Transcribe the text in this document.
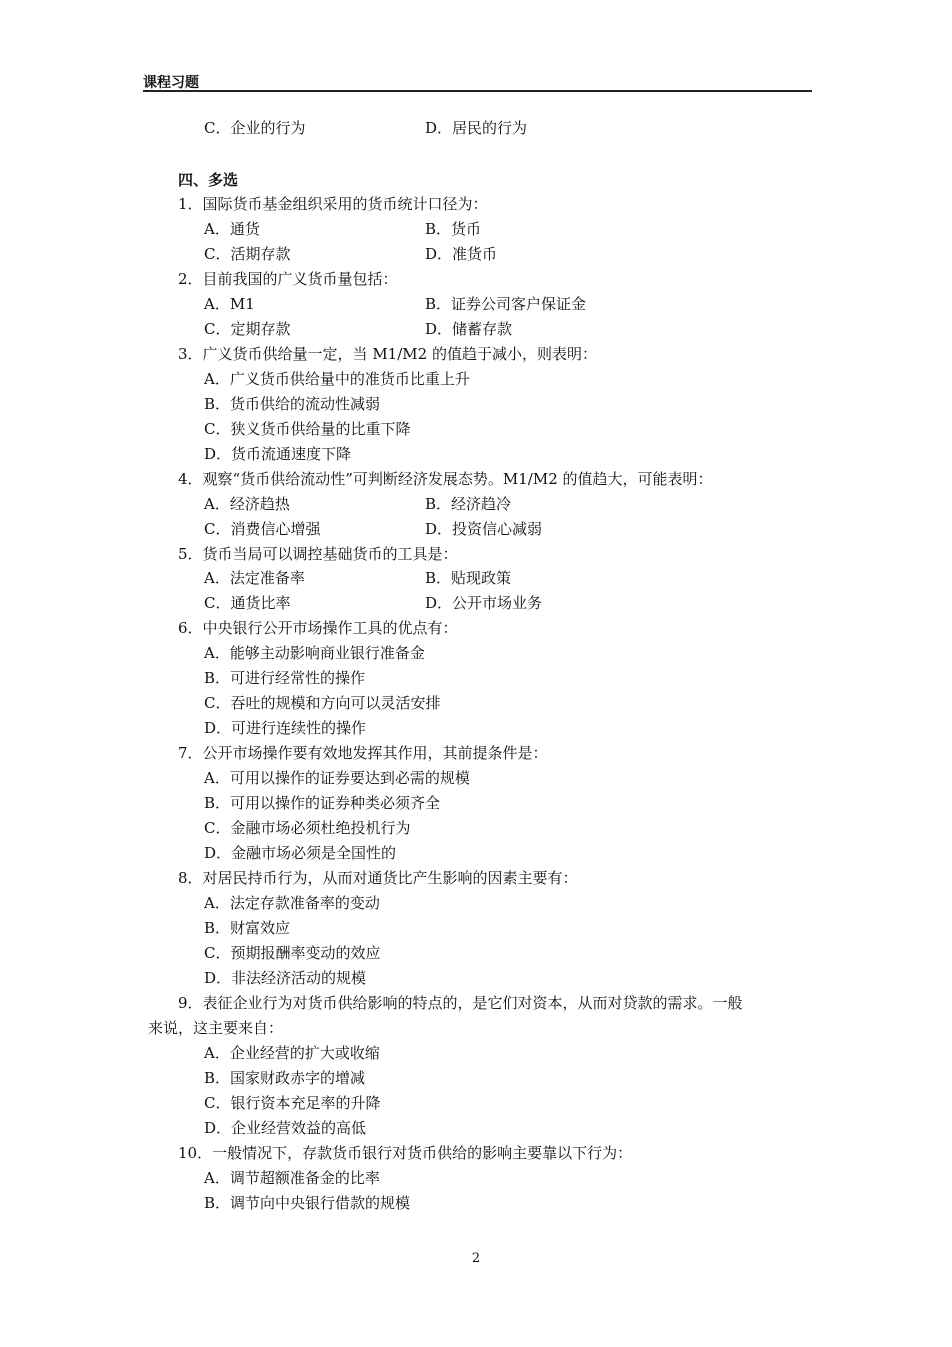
课程习题
C．企业的行为	D．居民的行为
四、多选
1．国际货币基金组织采用的货币统计口径为：
A．通货	B．货币
C．活期存款	D．准货币
2．目前我国的广义货币量包括：
A．M1	B．证券公司客户保证金
C．定期存款	D．储蓄存款
3．广义货币供给量一定，当 M1/M2 的值趋于减小，则表明：
A．广义货币供给量中的准货币比重上升
B．货币供给的流动性减弱
C．狭义货币供给量的比重下降
D．货币流通速度下降
4．观察“货币供给流动性”可判断经济发展态势。M1/M2 的值趋大，可能表明：
A．经济趋热	B．经济趋冷
C．消费信心增强	D．投资信心减弱
5．货币当局可以调控基础货币的工具是：
A．法定准备率	B．贴现政策
C．通货比率	D．公开市场业务
6．中央银行公开市场操作工具的优点有：
A．能够主动影响商业银行准备金
B．可进行经常性的操作
C．吞吐的规模和方向可以灵活安排
D．可进行连续性的操作
7．公开市场操作要有效地发挥其作用，其前提条件是：
A．可用以操作的证券要达到必需的规模
B．可用以操作的证券种类必须齐全
C．金融市场必须杜绝投机行为
D．金融市场必须是全国性的
8．对居民持币行为，从而对通货比产生影响的因素主要有：
A．法定存款准备率的变动
B．财富效应
C．预期报酬率变动的效应
D．非法经济活动的规模
9．表征企业行为对货币供给影响的特点的，是它们对资本，从而对贷款的需求。一般
来说，这主要来自：
A．企业经营的扩大或收缩
B．国家财政赤字的增减
C．银行资本充足率的升降
D．企业经营效益的高低
10．一般情况下，存款货币银行对货币供给的影响主要靠以下行为：
A．调节超额准备金的比率
B．调节向中央银行借款的规模
2
